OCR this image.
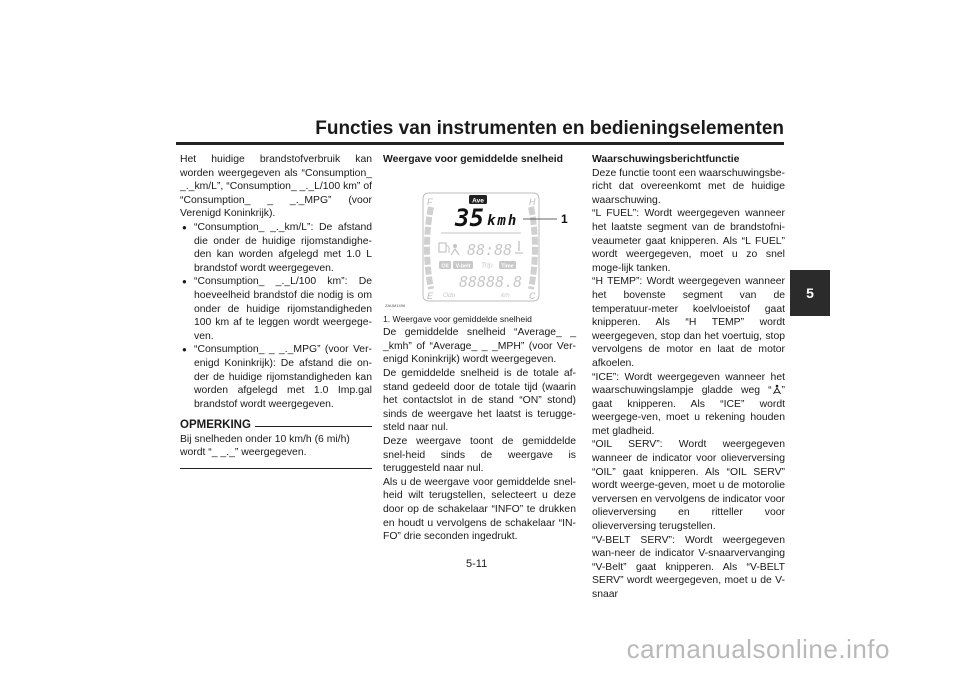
Functies van instrumenten en bedieningselementen
5

Het huidige brandstofverbruik kan worden weergegeven als “Consumption_ _._km/L”, “Consumption_ _._L/100 km” of “Consumption_ _ _._MPG” (voor Verenigd Koninkrijk).

● “Consumption_ _._km/L”: De afstand die onder de huidige rijomstandighe-den kan worden afgelegd met 1.0 L brandstof wordt weergegeven.
● “Consumption_ _._L/100 km”: De hoeveelheid brandstof die nodig is om onder de huidige rijomstandigheden 100 km af te leggen wordt weergege-ven.
● “Consumption_ _ _._MPG” (voor Ver-enigd Koninkrijk): De afstand die on-der de huidige rijomstandigheden kan worden afgelegd met 1.0 Imp.gal brandstof wordt weergegeven.
OPMERKING

Bij snelheden onder 10 km/h (6 mi/h) wordt “_ _._” weergegeven.

Weergave voor gemiddelde snelheid

F
E
H
C
Ave
35 kmh	1
88:88
Oil V-belt Trip Time
88888.8
Odo	km
ZAUM1496

1. Weergave voor gemiddelde snelheid

De gemiddelde snelheid “Average_ _ _kmh” of “Average_ _ _MPH” (voor Ver-enigd Koninkrijk) wordt weergegeven.

De gemiddelde snelheid is de totale af-stand gedeeld door de totale tijd (waarin het contactslot in de stand “ON” stond) sinds de weergave het laatst is terugge-steld naar nul.

Deze weergave toont de gemiddelde snel-heid sinds de weergave is teruggesteld naar nul.

Als u de weergave voor gemiddelde snel-heid wilt terugstellen, selecteert u deze door op de schakelaar “INFO” te drukken en houdt u vervolgens de schakelaar “IN-FO” drie seconden ingedrukt.

Waarschuwingsberichtfunctie

Deze functie toont een waarschuwingsbe-richt dat overeenkomt met de huidige waarschuwing.

“L FUEL”: Wordt weergegeven wanneer het laatste segment van de brandstofni-veaumeter gaat knipperen. Als “L FUEL” wordt weergegeven, moet u zo snel moge-lijk tanken.

“H TEMP”: Wordt weergegeven wanneer het bovenste segment van de temperatuur-meter koelvloeistof gaat knipperen. Als “H TEMP” wordt weergegeven, stop dan het voertuig, stop vervolgens de motor en laat de motor afkoelen.

“ICE”: Wordt weergegeven wanneer het waarschuwingslampje gladde weg “ ” gaat knipperen. Als “ICE” wordt weergege-ven, moet u rekening houden met gladheid.

“OIL SERV”: Wordt weergegeven wanneer de indicator voor olieverversing “OIL” gaat knipperen. Als “OIL SERV” wordt weerge-geven, moet u de motorolie verversen en vervolgens de indicator voor olieverversing en ritteller voor olieverversing terugstellen.

“V-BELT SERV”: Wordt weergegeven wan-neer de indicator V-snaarvervanging “V-Belt” gaat knipperen. Als “V-BELT SERV” wordt weergegeven, moet u de V-snaar

5-11
carmanualsonline.info
